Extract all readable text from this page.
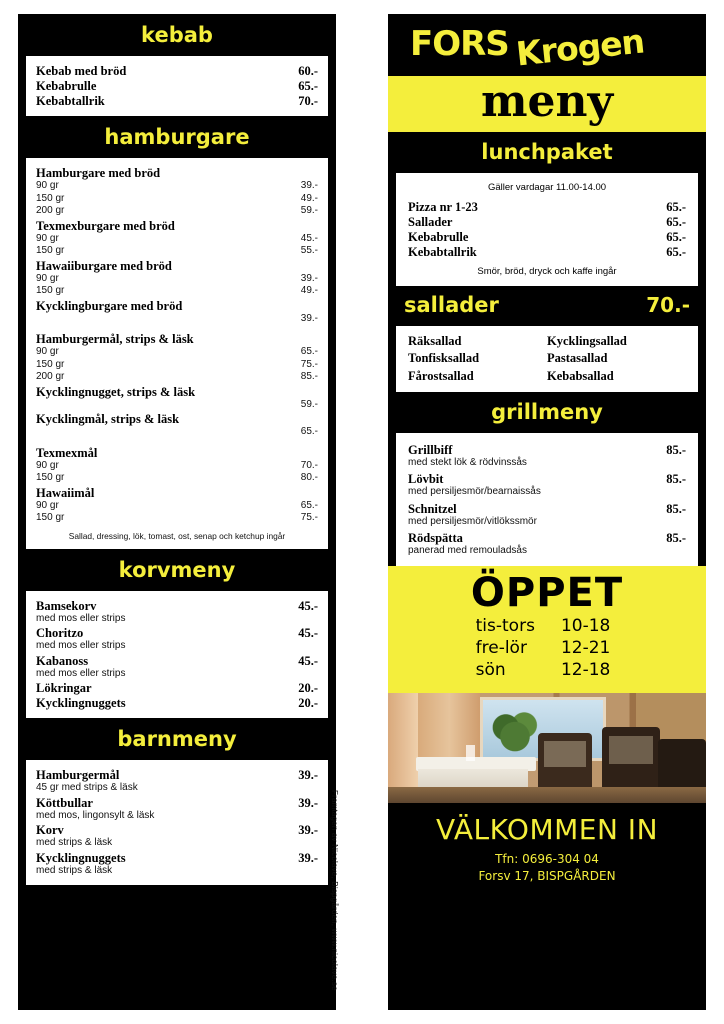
kebab
Kebab med bröd	60.-
Kebabrulle	65.-
Kebabtallrik	70.-
hamburgare
Hamburgare med bröd
90 gr	39.-
150 gr	49.-
200 gr	59.-
Texmexburgare med bröd
90 gr	45.-
150 gr	55.-
Hawaiiburgare med bröd
90 gr	39.-
150 gr	49.-
Kycklingburgare med bröd
39.-
Hamburgermål, strips & läsk
90 gr	65.-
150 gr	75.-
200 gr	85.-
Kycklingnugget, strips & läsk
59.-
Kycklingmål, strips & läsk
65.-
Texmexmål
90 gr	70.-
150 gr	80.-
Hawaiimål
90 gr	65.-
150 gr	75.-
Sallad, dressing, lök, tomast, ost, senap och ketchup ingår
korvmeny
Bamsekorv	45.-
med mos eller strips
Choritzo	45.-
med mos eller strips
Kabanoss	45.-
med mos eller strips
Lökringar	20.-
Kycklingnuggets	20.-
barnmeny
Hamburgermål	39.-
45 gr med strips & läsk
Köttbullar	39.-
med mos, lingonsylt & läsk
Korv	39.-
med strips & läsk
Kycklingnuggets	39.-
med strips & läsk	Framtagen av Nicolave, Bispgården, www.nicolave.se
FORS Krogen
meny
lunchpaket
Gäller vardagar 11.00-14.00
Pizza nr 1-23	65.-
Sallader	65.-
Kebabrulle	65.-
Kebabtallrik	65.-
Smör, bröd, dryck och kaffe ingår
sallader	70.-
Räksallad	Kycklingsallad
Tonfisksallad	Pastasallad
Fårostsallad	Kebabsallad
grillmeny
Grillbiff	85.-
med stekt lök & rödvinssås
Lövbit	85.-
med persiljesmör/bearnaissås
Schnitzel	85.-
med persiljesmör/vitlökssmör
Rödspätta	85.-
panerad med remouladsås
ÖPPET
tis-tors	10-18
fre-lör	12-21
sön	12-18
VÄLKOMMEN IN
Tfn: 0696-304 04
Forsv 17, BISPGÅRDEN
